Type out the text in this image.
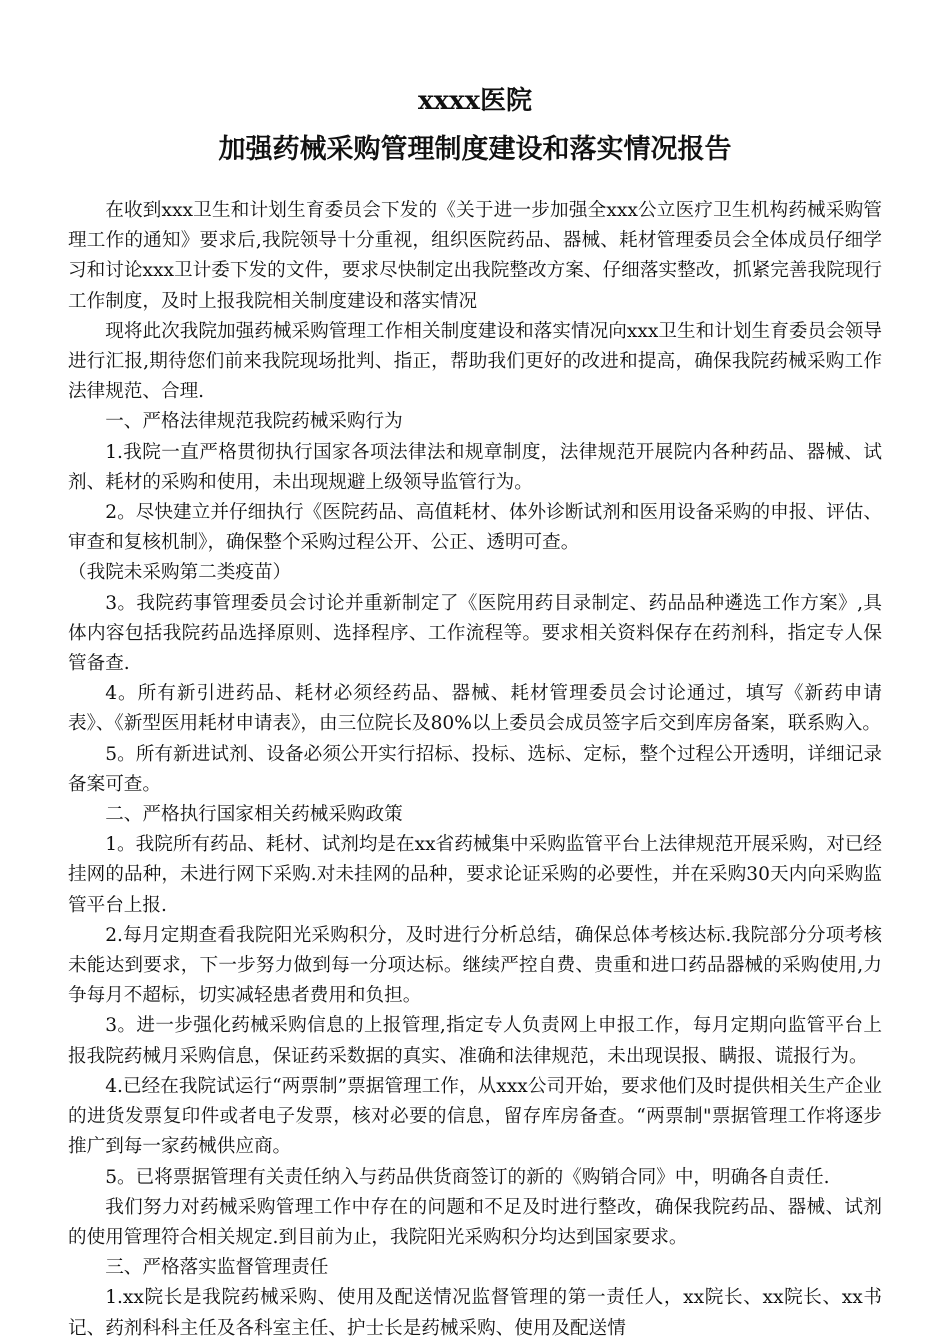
xxxx医院
加强药械采购管理制度建设和落实情况报告

在收到xxx卫生和计划生育委员会下发的《关于进一步加强全xxx公立医疗卫生机构药械采购管理工作的通知》要求后,我院领导十分重视，组织医院药品、器械、耗材管理委员会全体成员仔细学习和讨论xxx卫计委下发的文件，要求尽快制定出我院整改方案、仔细落实整改，抓紧完善我院现行工作制度，及时上报我院相关制度建设和落实情况

现将此次我院加强药械采购管理工作相关制度建设和落实情况向xxx卫生和计划生育委员会领导进行汇报,期待您们前来我院现场批判、指正，帮助我们更好的改进和提高，确保我院药械采购工作法律规范、合理.

一、严格法律规范我院药械采购行为

1.我院一直严格贯彻执行国家各项法律法和规章制度，法律规范开展院内各种药品、器械、试剂、耗材的采购和使用，未出现规避上级领导监管行为。

2。尽快建立并仔细执行《医院药品、高值耗材、体外诊断试剂和医用设备采购的申报、评估、审查和复核机制》，确保整个采购过程公开、公正、透明可查。

（我院未采购第二类疫苗）

3。我院药事管理委员会讨论并重新制定了《医院用药目录制定、药品品种遴选工作方案》,具体内容包括我院药品选择原则、选择程序、工作流程等。要求相关资料保存在药剂科，指定专人保管备查.

4。所有新引进药品、耗材必须经药品、器械、耗材管理委员会讨论通过，填写《新药申请表》、《新型医用耗材申请表》，由三位院长及80%以上委员会成员签字后交到库房备案，联系购入。

5。所有新进试剂、设备必须公开实行招标、投标、选标、定标，整个过程公开透明，详细记录备案可查。

二、严格执行国家相关药械采购政策

1。我院所有药品、耗材、试剂均是在xx省药械集中采购监管平台上法律规范开展采购，对已经挂网的品种，未进行网下采购.对未挂网的品种，要求论证采购的必要性，并在采购30天内向采购监管平台上报.

2.每月定期查看我院阳光采购积分，及时进行分析总结，确保总体考核达标.我院部分分项考核未能达到要求，下一步努力做到每一分项达标。继续严控自费、贵重和进口药品器械的采购使用,力争每月不超标，切实减轻患者费用和负担。

3。进一步强化药械采购信息的上报管理,指定专人负责网上申报工作，每月定期向监管平台上报我院药械月采购信息，保证药采数据的真实、准确和法律规范，未出现误报、瞒报、谎报行为。

4.已经在我院试运行“两票制”票据管理工作，从xxx公司开始，要求他们及时提供相关生产企业的进货发票复印件或者电子发票，核对必要的信息，留存库房备查。“两票制"票据管理工作将逐步推广到每一家药械供应商。

5。已将票据管理有关责任纳入与药品供货商签订的新的《购销合同》中，明确各自责任.

我们努力对药械采购管理工作中存在的问题和不足及时进行整改，确保我院药品、器械、试剂的使用管理符合相关规定.到目前为止，我院阳光采购积分均达到国家要求。

三、严格落实监督管理责任

1.xx院长是我院药械采购、使用及配送情况监督管理的第一责任人，xx院长、xx院长、xx书记、药剂科科主任及各科室主任、护士长是药械采购、使用及配送情
